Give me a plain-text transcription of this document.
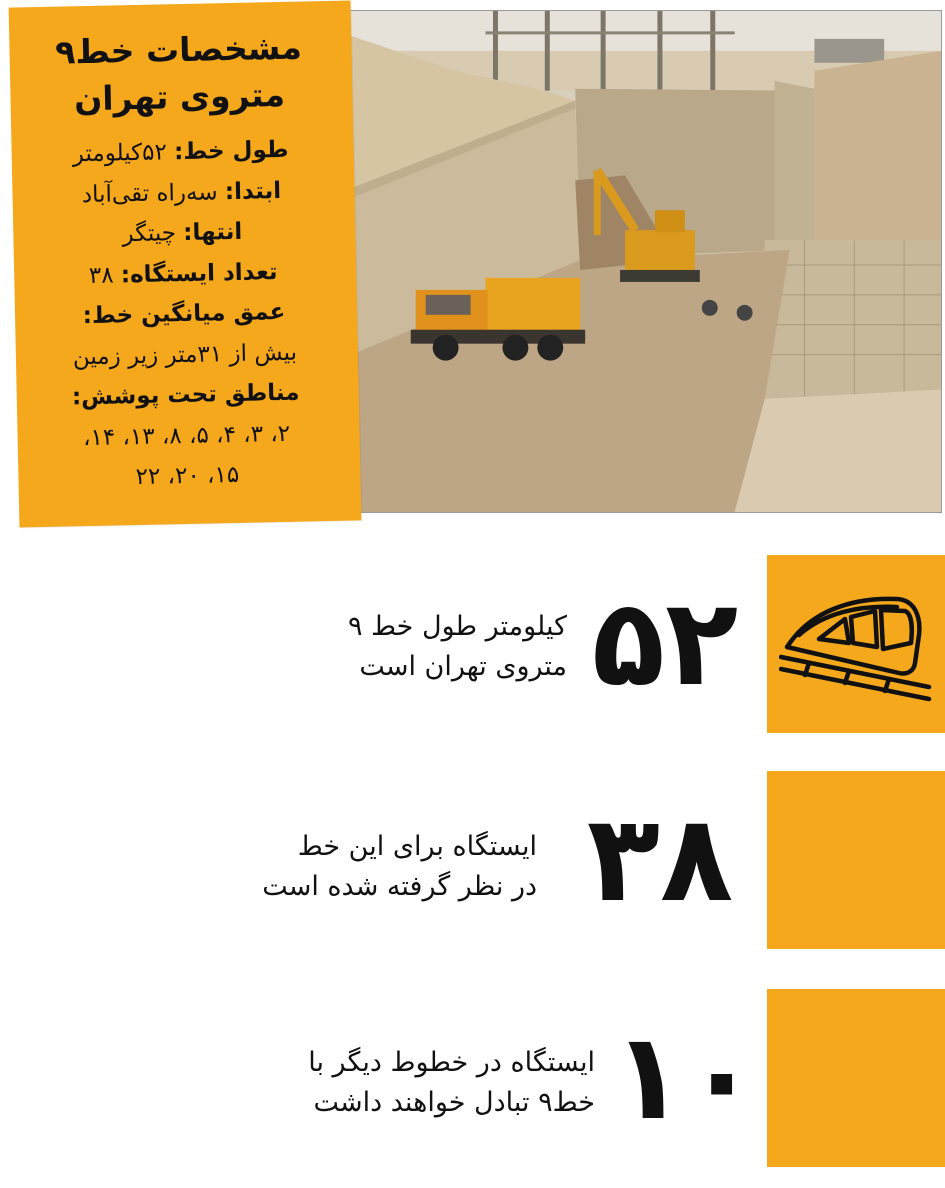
مشخصات خط۹
متروی تهران
طول خط: ۵۲کیلومتر
ابتدا: سه‌راه تقی‌آباد
انتها: چیتگر
تعداد ایستگاه: ۳۸
عمق میانگین خط:
بیش از ۳۱متر زیر زمین
مناطق تحت پوشش:
۲، ۳، ۴، ۵، ۸، ۱۳، ۱۴،
۱۵، ۲۰، ۲۲
۵۲
کیلومتر طول خط ۹
متروی تهران است
۳۸
ایستگاه برای این خط
در نظر گرفته شده است
۱۰
ایستگاه در خطوط دیگر با
خط۹ تبادل خواهند داشت
